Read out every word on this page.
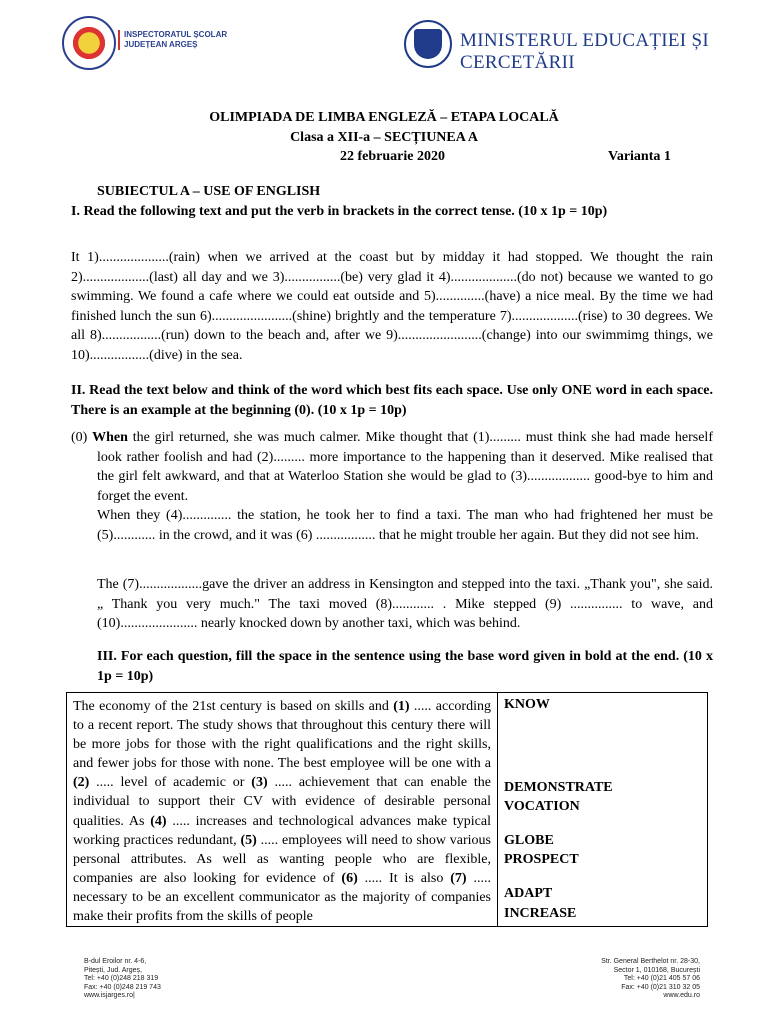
INSPECTORATUL ȘCOLAR
JUDEȚEAN ARGEȘ	MINISTERUL EDUCAȚIEI ȘI CERCETĂRII
OLIMPIADA DE LIMBA ENGLEZĂ – ETAPA LOCALĂ
Clasa a XII-a – SECȚIUNEA A
22 februarie 2020	Varianta 1
SUBIECTUL A – USE OF ENGLISH
I. Read the following text and put the verb in brackets in the correct tense. (10 x 1p = 10p)
It 1)....................(rain) when we arrived at the coast but by midday it had stopped. We thought the rain 2)...................(last) all day and we 3)................(be) very glad it 4)...................(do not) because we wanted to go swimming. We found a cafe where we could eat outside and 5)..............(have) a nice meal. By the time we had finished lunch the sun 6).......................(shine) brightly and the temperature 7)...................(rise) to 30 degrees. We all 8).................(run) down to the beach and, after we 9)........................(change) into our swimmimg things, we 10).................(dive) in the sea.
II. Read the text below and think of the word which best fits each space. Use only ONE word in each space. There is an example at the beginning (0). (10 x 1p = 10p)
(0) When the girl returned, she was much calmer. Mike thought that (1)......... must think she had made herself look rather foolish and had (2)......... more importance to the happening than it deserved. Mike realised that the girl felt awkward, and that at Waterloo Station she would be glad to (3).................. good-bye to him and forget the event.
When they (4).............. the station, he took her to find a taxi. The man who had frightened her must be (5)............ in the crowd, and it was (6) ................. that he might trouble her again. But they did not see him.
The (7)..................gave the driver an address in Kensington and stepped into the taxi. „Thank you", she said. „ Thank you very much." The taxi moved (8)............ . Mike stepped (9) ............... to wave, and (10)...................... nearly knocked down by another taxi, which was behind.
III. For each question, fill the space in the sentence using the base word given in bold at the end. (10 x 1p = 10p)
The economy of the 21st century is based on skills and (1) ..... according to a recent report. The study shows that throughout this century there will be more jobs for those with the right qualifications and the right skills, and fewer jobs for those with none. The best employee will be one with a (2) ..... level of academic or (3) ..... achievement that can enable the individual to support their CV with evidence of desirable personal qualities. As (4) ..... increases and technological advances make typical working practices redundant, (5) ..... employees will need to show various personal attributes. As well as wanting people who are flexible, companies are also looking for evidence of (6) ..... It is also (7) ..... necessary to be an excellent communicator as the majority of companies make their profits from the skills of people	
KNOW
DEMONSTRATE
VOCATION
GLOBE
PROSPECT
ADAPT
INCREASE
B-dul Eroilor nr. 4-6,
Pitești, Jud. Argeș,
Tel: +40 (0)248 218 319
Fax: +40 (0)248 219 743
www.isjarges.ro|
Str. General Berthelot nr. 28-30,
Sector 1, 010168, București
Tel: +40 (0)21 405 57 06
Fax: +40 (0)21 310 32 05
www.edu.ro
